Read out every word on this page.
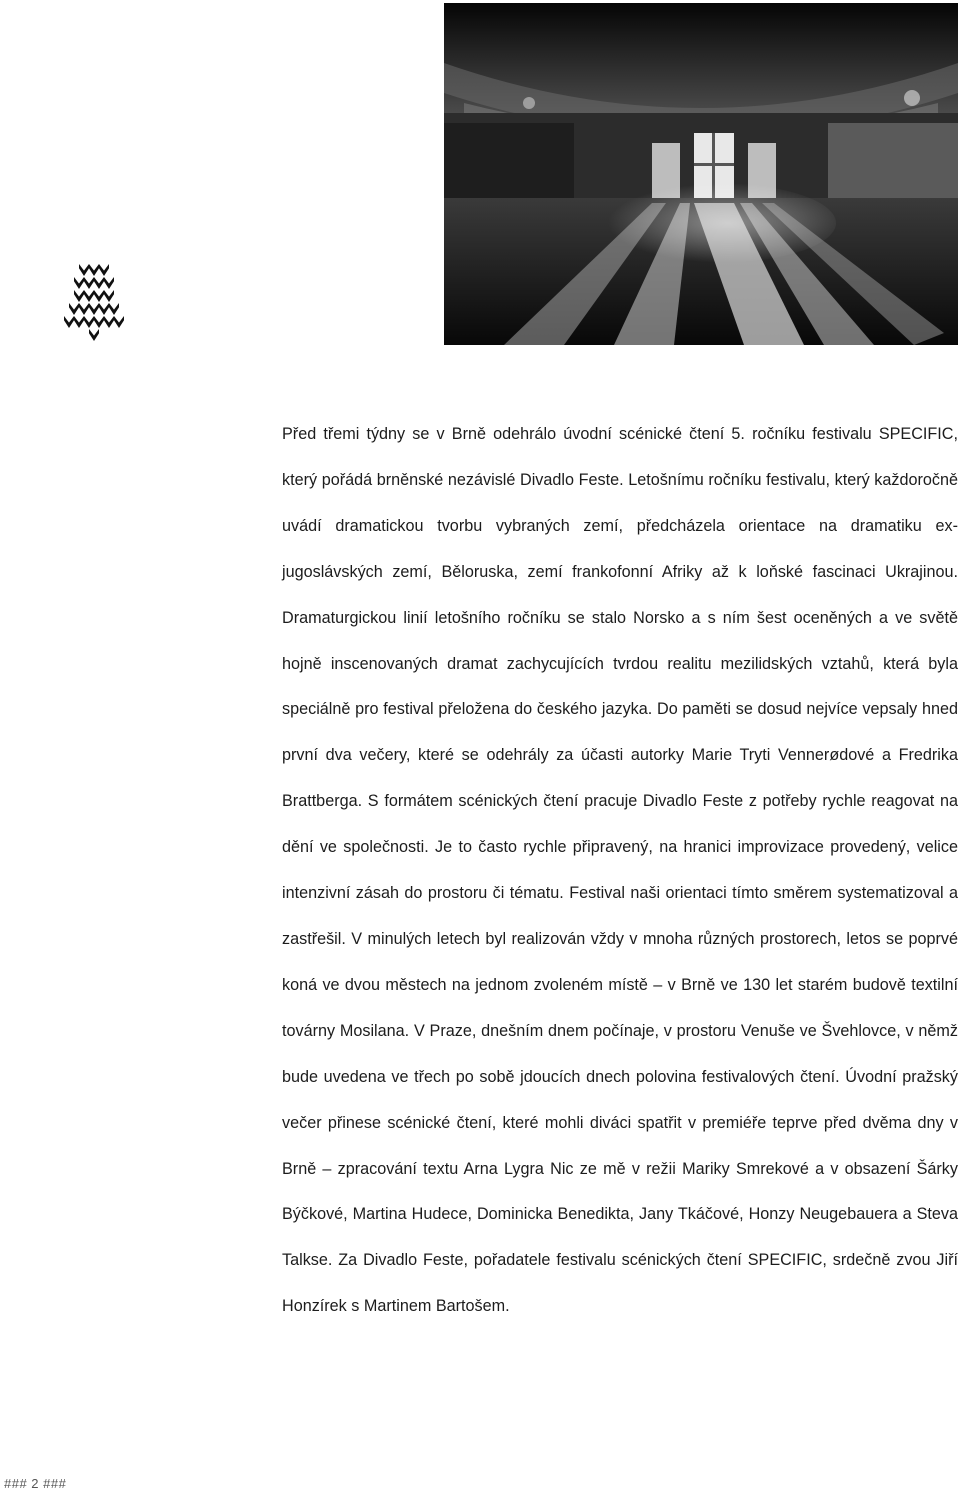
Před třemi týdny se v Brně odehrálo úvodní scénické čtení 5. ročníku festivalu SPECIFIC, který pořádá brněnské nezávislé Divadlo Feste. Letošnímu ročníku festivalu, který každoročně uvádí dramatickou tvorbu vybraných zemí, předcházela orientace na dramatiku ex-jugoslávských zemí, Běloruska, zemí frankofonní Afriky až k loňské fascinaci Ukrajinou. Dramaturgickou linií letošního ročníku se stalo Norsko a s ním šest oceněných a ve světě hojně inscenovaných dramat zachycujících tvrdou realitu mezilidských vztahů, která byla speciálně pro festival přeložena do českého jazyka. Do paměti se dosud nejvíce vepsaly hned první dva večery, které se odehrály za účasti autorky Marie Tryti Vennerødové a Fredrika Brattberga. S formátem scénických čtení pracuje Divadlo Feste z potřeby rychle reagovat na dění ve společnosti. Je to často rychle připravený, na hranici improvizace provedený, velice intenzivní zásah do prostoru či tématu. Festival naši orientaci tímto směrem systematizoval a zastřešil. V minulých letech byl realizován vždy v mnoha různých prostorech, letos se poprvé koná ve dvou městech na jednom zvoleném místě – v Brně ve 130 let starém budově textilní továrny Mosilana. V Praze, dnešním dnem počínaje, v prostoru Venuše ve Švehlovce, v němž bude uvedena ve třech po sobě jdoucích dnech polovina festivalových čtení. Úvodní pražský večer přinese scénické čtení, které mohli diváci spatřit v premiéře teprve před dvěma dny v Brně – zpracování textu Arna Lygra Nic ze mě v režii Mariky Smrekové a v obsazení Šárky Býčkové, Martina Hudece, Dominicka Benedikta, Jany Tkáčové, Honzy Neugebauera a Steva Talkse. Za Divadlo Feste, pořadatele festivalu scénických čtení SPECIFIC, srdečně zvou Jiří Honzírek s Martinem Bartošem.

### 2 ###
